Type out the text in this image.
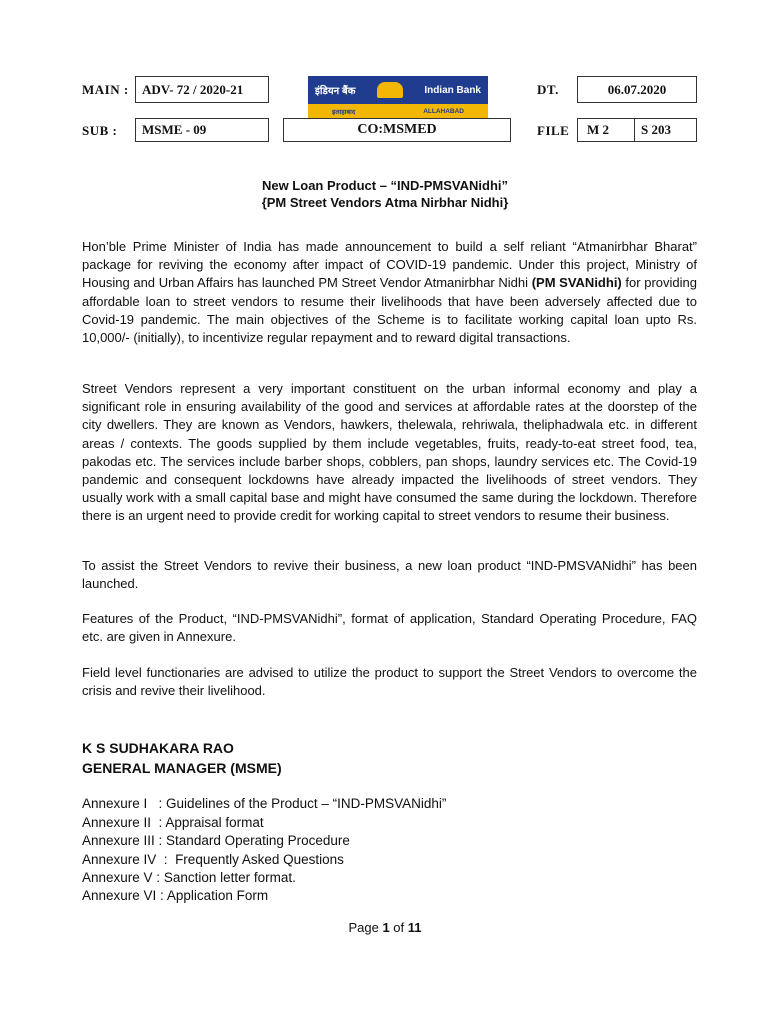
MAIN : ADV- 72 / 2020-21	इंडियन बैंक	Indian Bank
इलाहाबाद	ALLAHABAD
DT.	06.07.2020
SUB : MSME - 09	CO:MSMED	FILE M 2 S 203
New Loan Product – “IND-PMSVANidhi”
{PM Street Vendors Atma Nirbhar Nidhi}

Hon’ble Prime Minister of India has made announcement to build a self reliant “Atmanirbhar Bharat” package for reviving the economy after impact of COVID-19 pandemic. Under this project, Ministry of Housing and Urban Affairs has launched PM Street Vendor Atmanirbhar Nidhi (PM SVANidhi) for providing affordable loan to street vendors to resume their livelihoods that have been adversely affected due to Covid-19 pandemic. The main objectives of the Scheme is to facilitate working capital loan upto Rs. 10,000/- (initially), to incentivize regular repayment and to reward digital transactions.

Street Vendors represent a very important constituent on the urban informal economy and play a significant role in ensuring availability of the good and services at affordable rates at the doorstep of the city dwellers. They are known as Vendors, hawkers, thelewala, rehriwala, theliphadwala etc. in different areas / contexts. The goods supplied by them include vegetables, fruits, ready-to-eat street food, tea, pakodas etc. The services include barber shops, cobblers, pan shops, laundry services etc. The Covid-19 pandemic and consequent lockdowns have already impacted the livelihoods of street vendors. They usually work with a small capital base and might have consumed the same during the lockdown. Therefore there is an urgent need to provide credit for working capital to street vendors to resume their business.

To assist the Street Vendors to revive their business, a new loan product “IND-PMSVANidhi” has been launched.

Features of the Product, “IND-PMSVANidhi”, format of application, Standard Operating Procedure, FAQ etc. are given in Annexure.

Field level functionaries are advised to utilize the product to support the Street Vendors to overcome the crisis and revive their livelihood.

K S SUDHAKARA RAO
GENERAL MANAGER (MSME)
Annexure I   : Guidelines of the Product – “IND-PMSVANidhi”
Annexure II  : Appraisal format
Annexure III : Standard Operating Procedure
Annexure IV  :  Frequently Asked Questions
Annexure V : Sanction letter format.
Annexure VI : Application Form
Page 1 of 11
